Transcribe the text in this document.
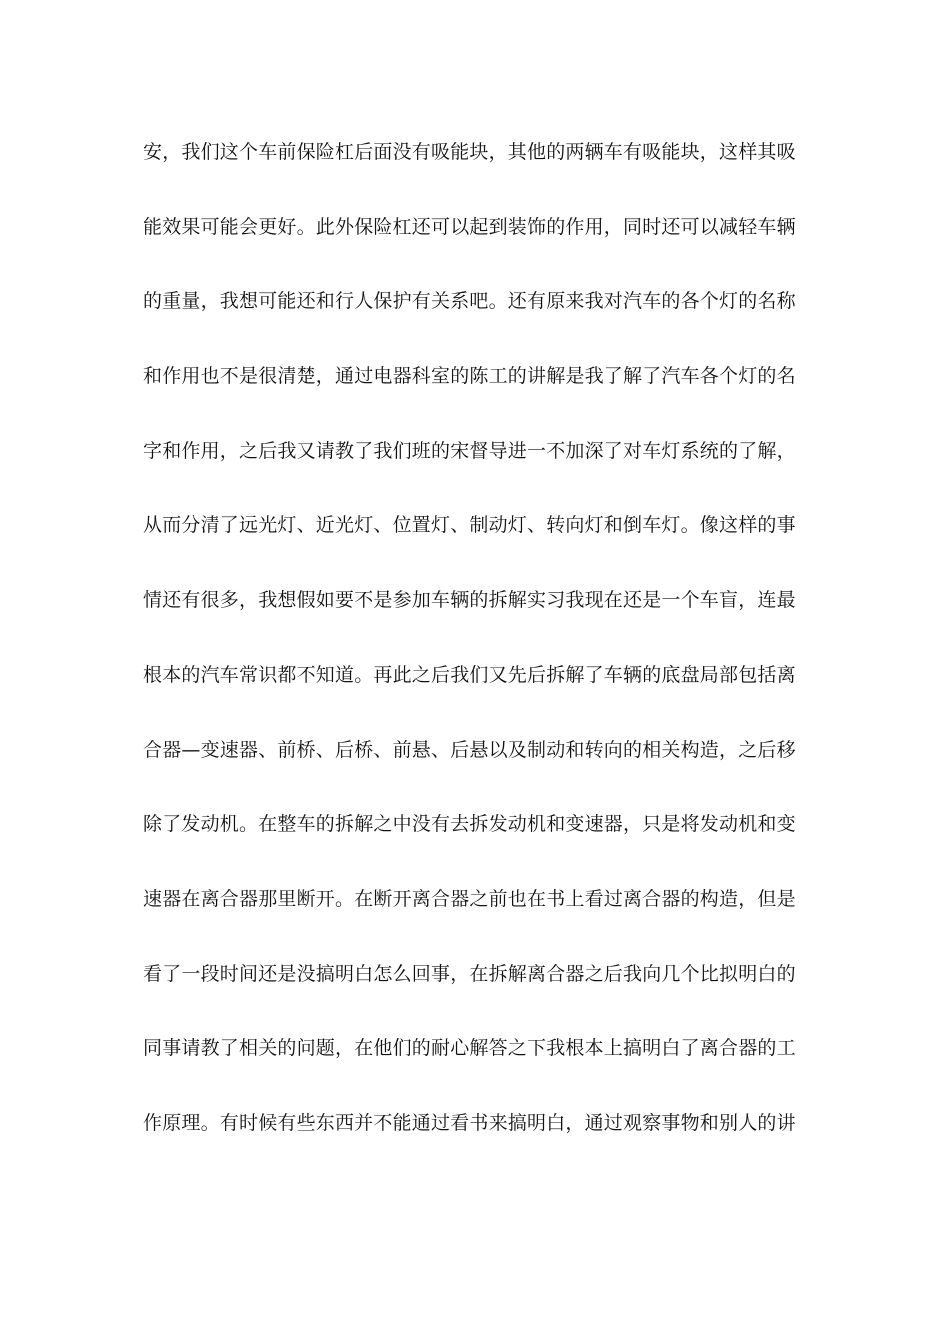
安，我们这个车前保险杠后面没有吸能块，其他的两辆车有吸能块，这样其吸
能效果可能会更好。此外保险杠还可以起到装饰的作用，同时还可以减轻车辆
的重量，我想可能还和行人保护有关系吧。还有原来我对汽车的各个灯的名称
和作用也不是很清楚，通过电器科室的陈工的讲解是我了解了汽车各个灯的名
字和作用，之后我又请教了我们班的宋督导进一不加深了对车灯系统的了解，
从而分清了远光灯、近光灯、位置灯、制动灯、转向灯和倒车灯。像这样的事
情还有很多，我想假如要不是参加车辆的拆解实习我现在还是一个车盲，连最
根本的汽车常识都不知道。再此之后我们又先后拆解了车辆的底盘局部包括离
合器—变速器、前桥、后桥、前悬、后悬以及制动和转向的相关构造，之后移
除了发动机。在整车的拆解之中没有去拆发动机和变速器，只是将发动机和变
速器在离合器那里断开。在断开离合器之前也在书上看过离合器的构造，但是
看了一段时间还是没搞明白怎么回事，在拆解离合器之后我向几个比拟明白的
同事请教了相关的问题，在他们的耐心解答之下我根本上搞明白了离合器的工
作原理。有时候有些东西并不能通过看书来搞明白，通过观察事物和别人的讲
